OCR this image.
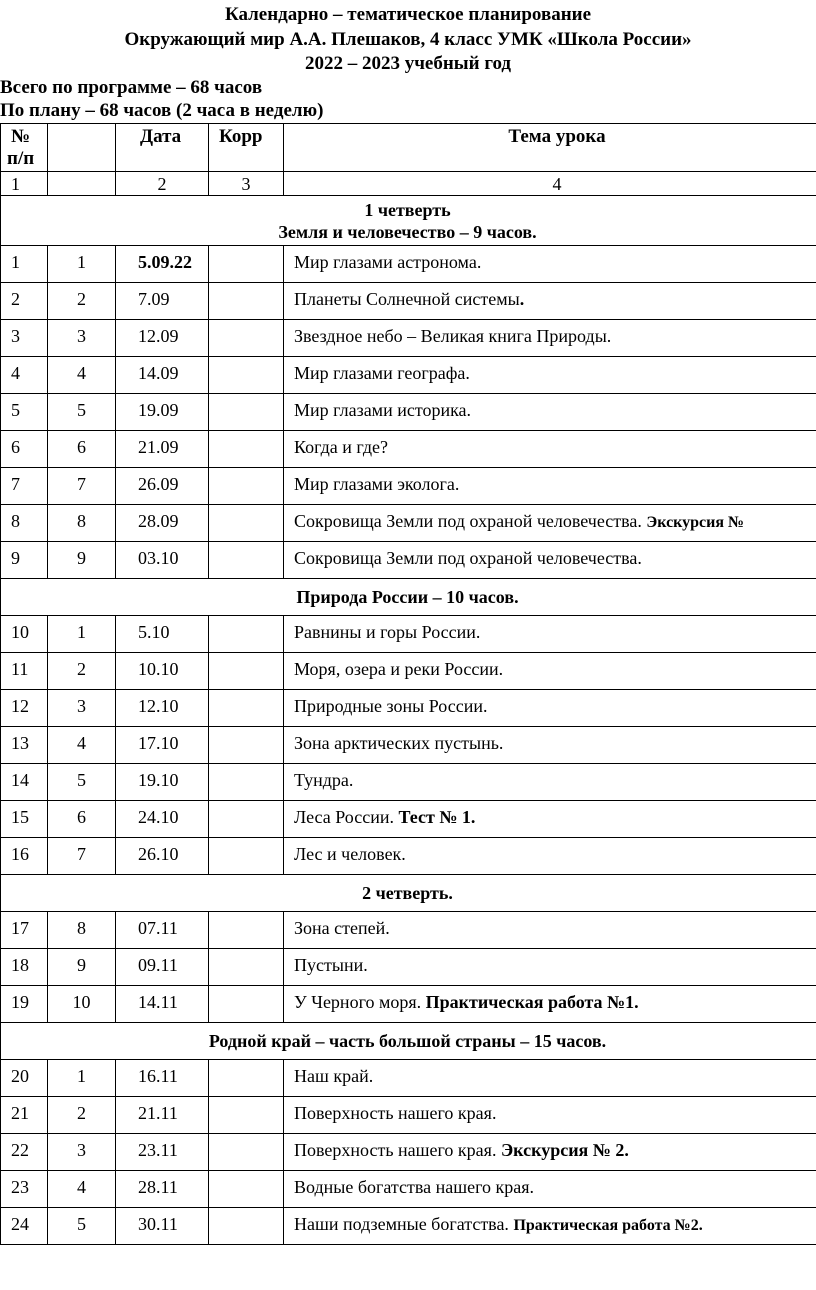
Календарно – тематическое планирование
Окружающий мир А.А. Плешаков, 4 класс УМК «Школа России»
2022 – 2023 учебный год
Всего по программе – 68 часов
По плану – 68 часов (2 часа в неделю)
№
п/п		Дата	Корр	Тема урока
1		2	3	4

1 четверть
Земля и человечество – 9 часов.				

1	1	5.09.22		Мир глазами астронома.
2	2	7.09		Планеты Солнечной системы.
3	3	12.09		Звездное небо – Великая книга Природы.
4	4	14.09		Мир глазами географа.
5	5	19.09		Мир глазами историка.
6	6	21.09		Когда и где?
7	7	26.09		Мир глазами эколога.
8	8	28.09		Сокровища Земли под охраной человечества. Экскурсия №
9	9	03.10		Сокровища Земли под охраной человечества.
Природа России – 10 часов.				
10	1	5.10		Равнины и горы России.
11	2	10.10		Моря, озера и реки России.
12	3	12.10		Природные зоны России.
13	4	17.10		Зона арктических пустынь.
14	5	19.10		Тундра.
15	6	24.10		Леса России. Тест № 1.
16	7	26.10		Лес и человек.
2 четверть.				
17	8	07.11		Зона степей.
18	9	09.11		Пустыни.
19	10	14.11		У Черного моря. Практическая работа №1.
Родной край – часть большой страны – 15 часов.				
20	1	16.11		Наш край.
21	2	21.11		Поверхность нашего края.
22	3	23.11		Поверхность нашего края. Экскурсия № 2.
23	4	28.11		Водные богатства нашего края.
24	5	30.11		Наши подземные богатства. Практическая работа №2.
